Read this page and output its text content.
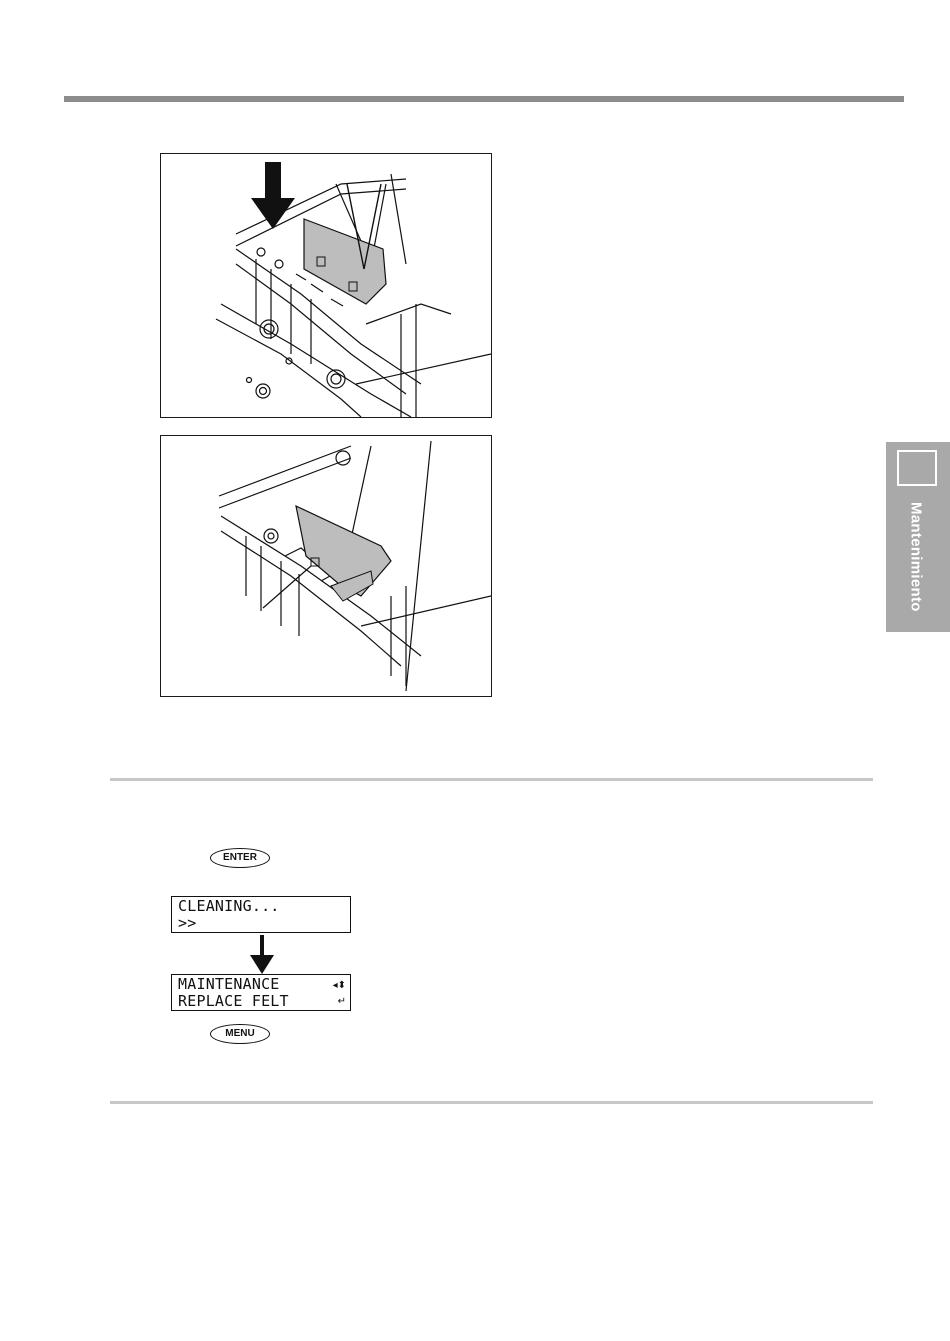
Mantenimiento
ENTER
CLEANING...
>>
MAINTENANCE
REPLACE FELT
◂⬍
↵
MENU
